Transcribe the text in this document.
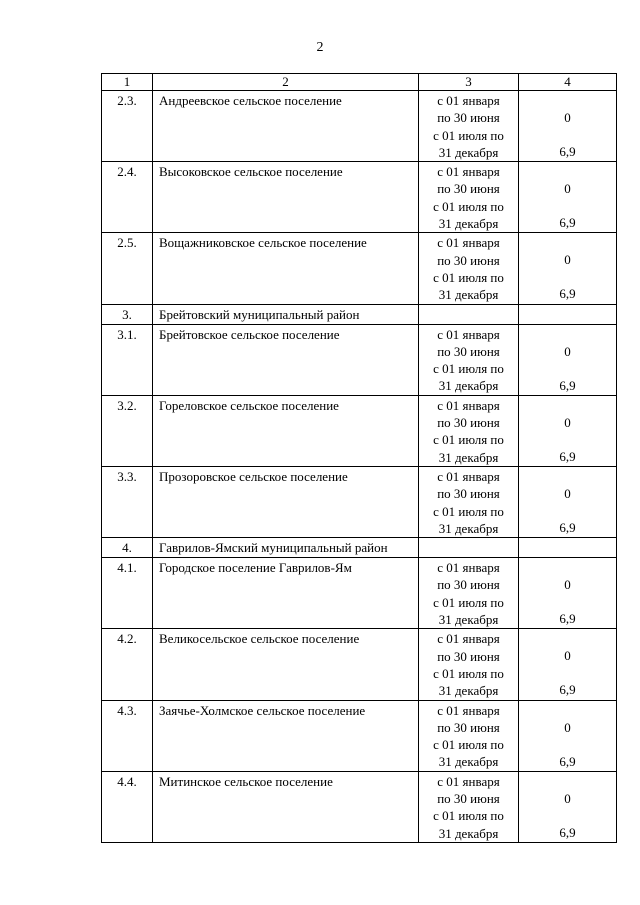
2
1	2	3	4
2.3.	Андреевское сельское поселение	с 01 января
по 30 июня
с 01 июля по
31 декабря	0
6,9

2.4.	Высоковское сельское поселение	с 01 января
по 30 июня
с 01 июля по
31 декабря	0
6,9

2.5.	Вощажниковское сельское поселение	с 01 января
по 30 июня
с 01 июля по
31 декабря	0
6,9

3.	Брейтовский муниципальный район		
3.1.	Брейтовское сельское поселение	с 01 января
по 30 июня
с 01 июля по
31 декабря	0
6,9

3.2.	Гореловское сельское поселение	с 01 января
по 30 июня
с 01 июля по
31 декабря	0
6,9

3.3.	Прозоровское сельское поселение	с 01 января
по 30 июня
с 01 июля по
31 декабря	0
6,9

4.	Гаврилов-Ямский муниципальный район		
4.1.	Городское поселение Гаврилов-Ям	с 01 января
по 30 июня
с 01 июля по
31 декабря	0
6,9

4.2.	Великосельское сельское поселение	с 01 января
по 30 июня
с 01 июля по
31 декабря	0
6,9

4.3.	Заячье-Холмское сельское поселение	с 01 января
по 30 июня
с 01 июля по
31 декабря	0
6,9

4.4.	Митинское сельское поселение	с 01 января
по 30 июня
с 01 июля по
31 декабря	0
6,9
